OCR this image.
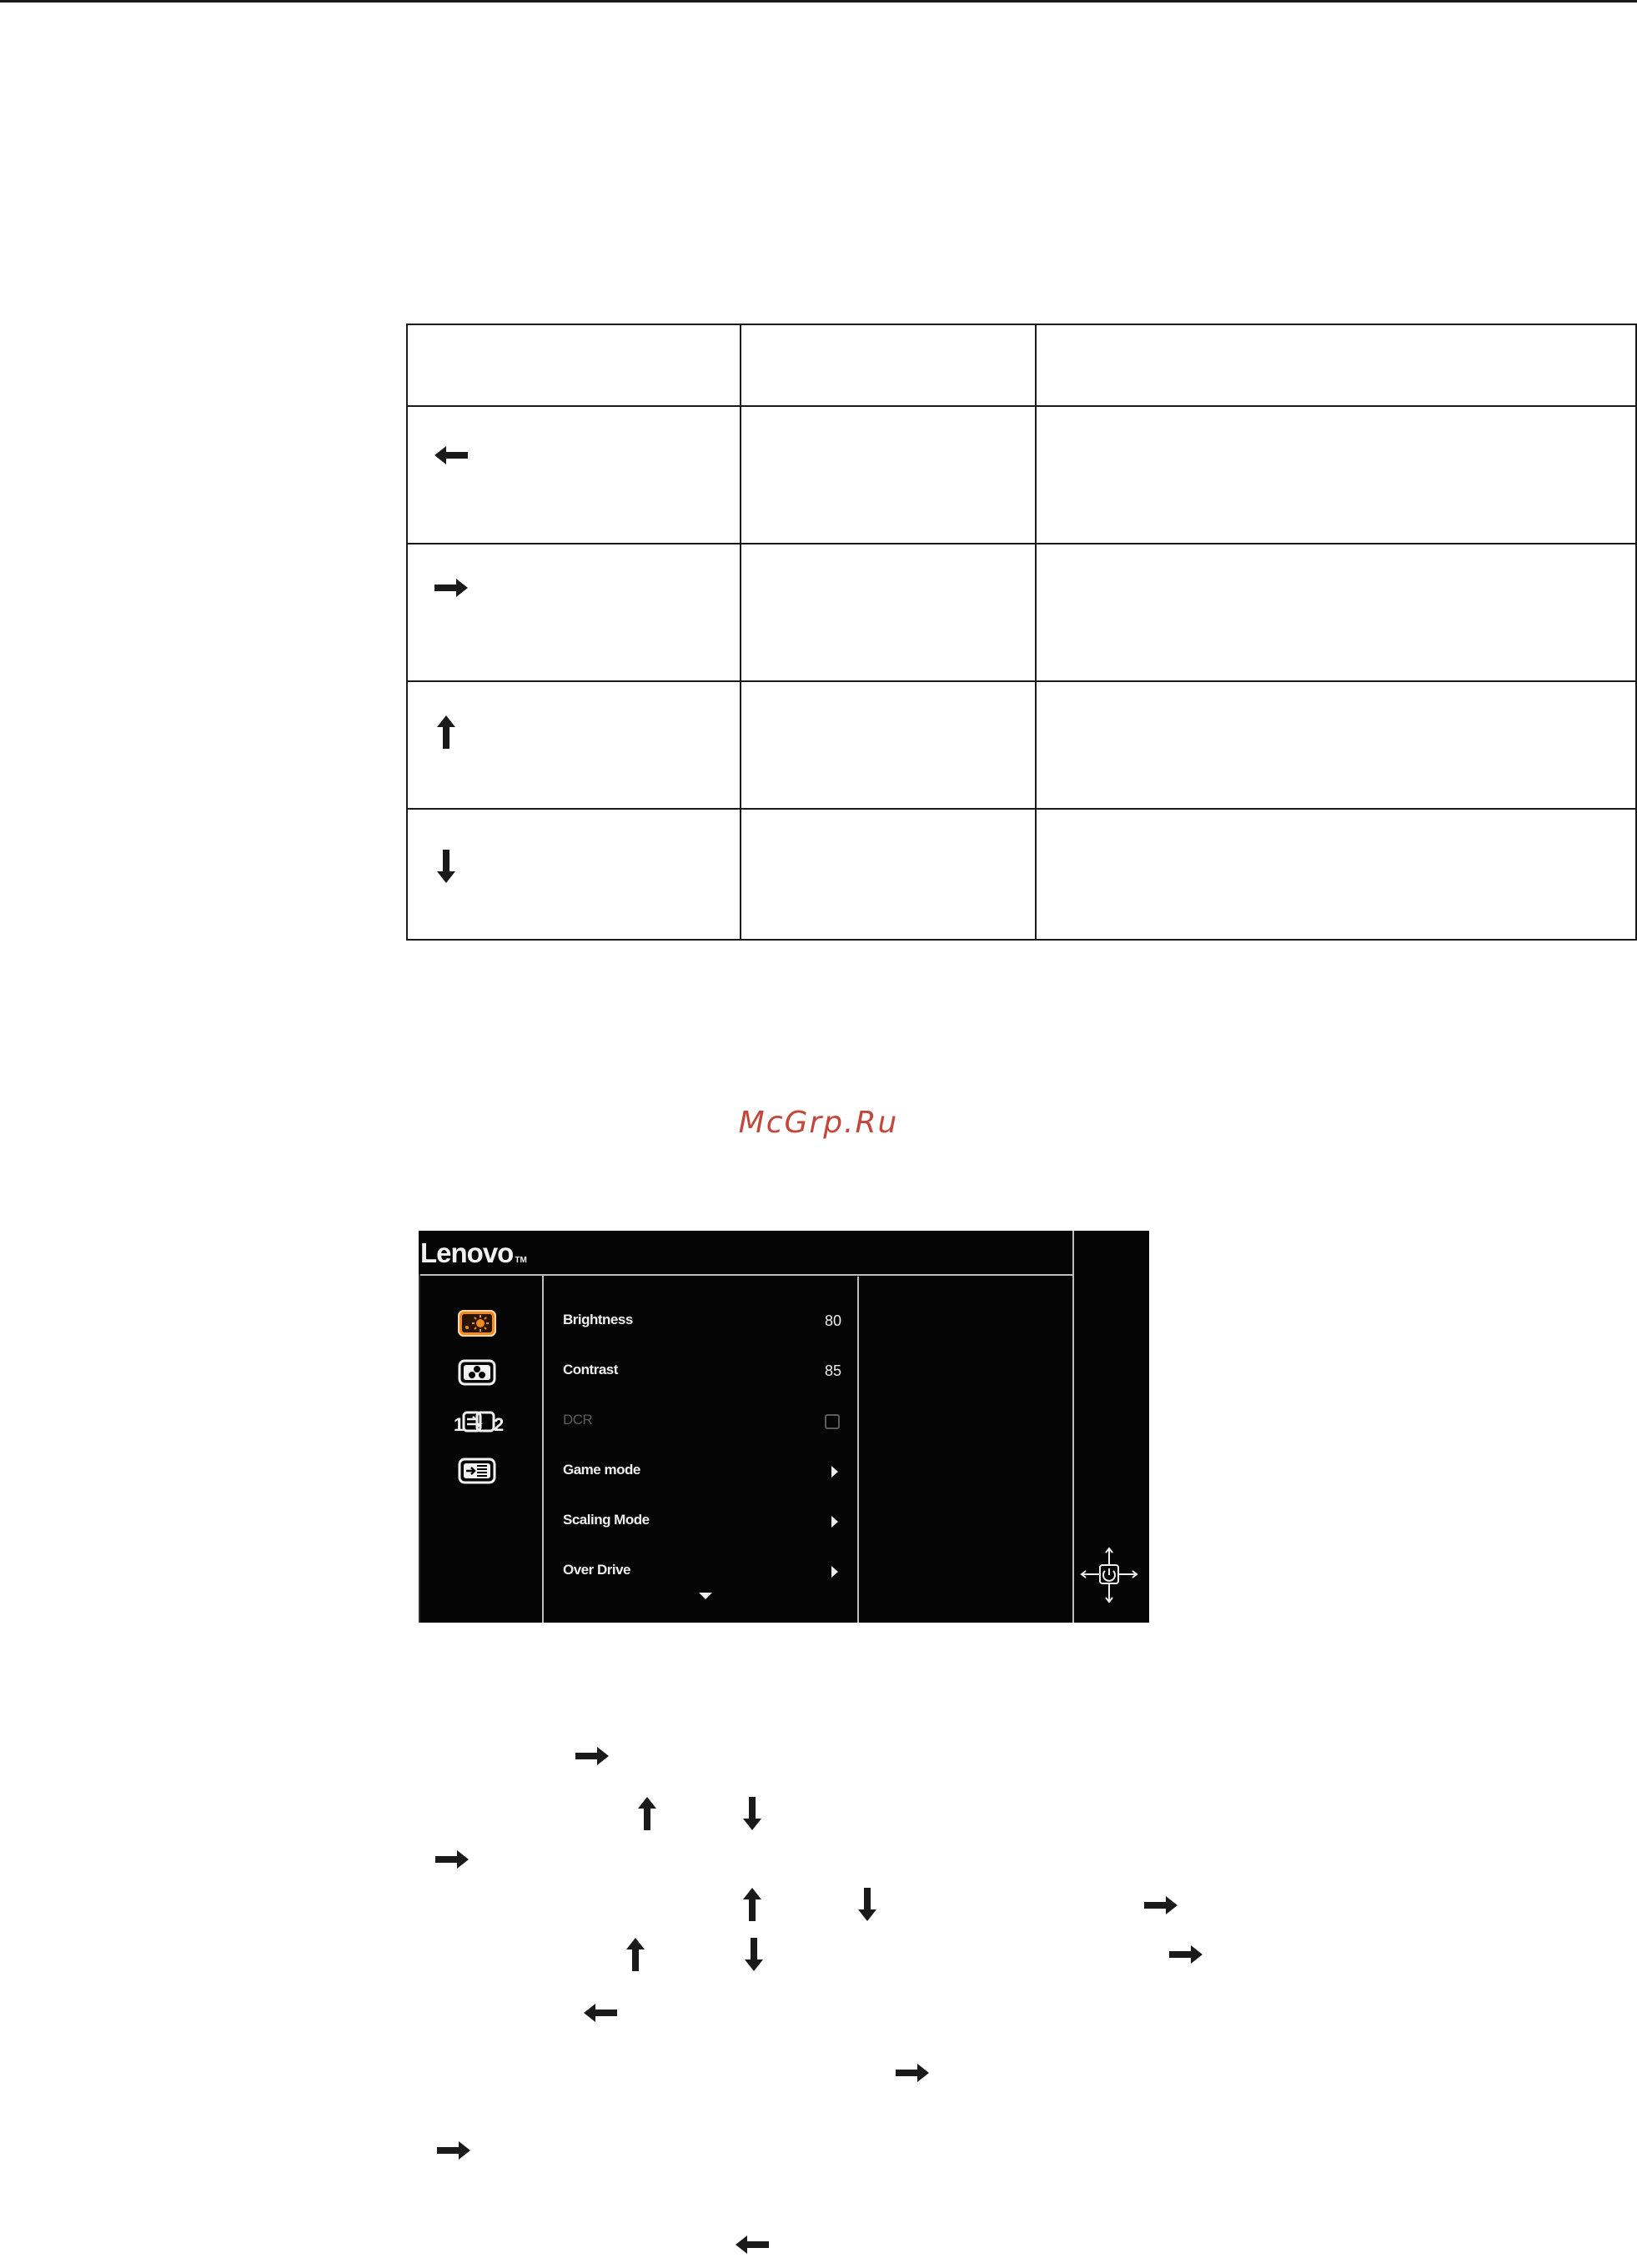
McGrp.Ru
Lenovo TM
1 2
Brightness	80
Contrast	85
DCR
Game mode
Scaling Mode
Over Drive
